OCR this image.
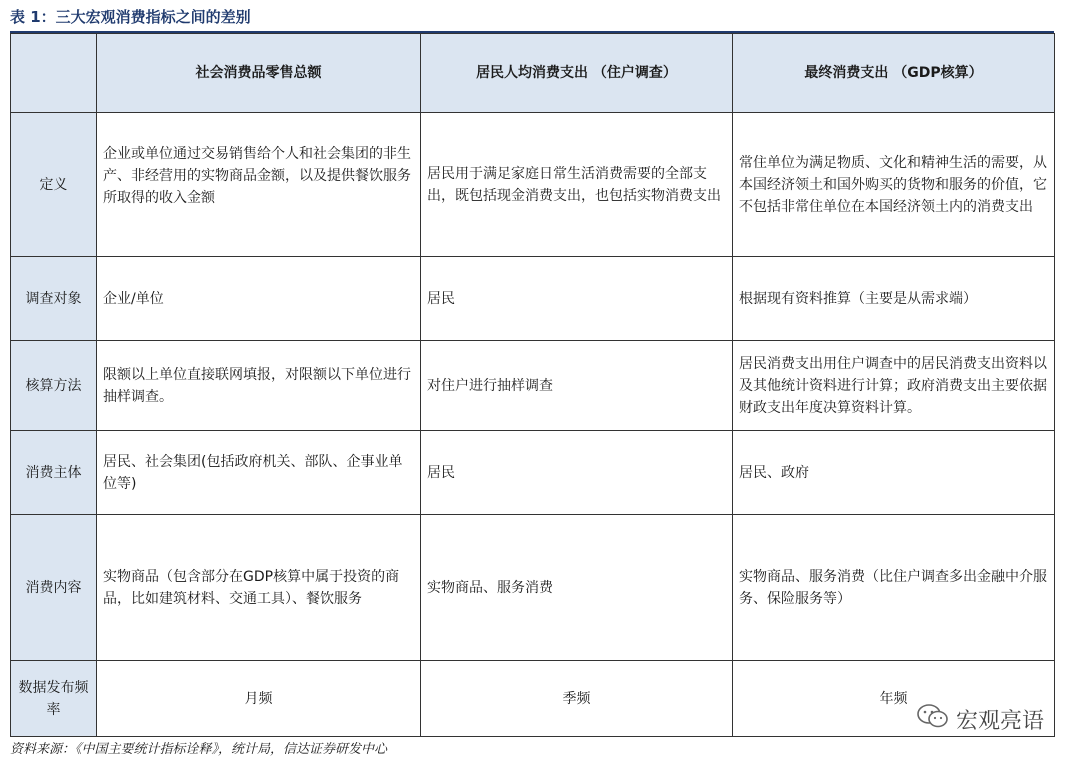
表 1：三大宏观消费指标之间的差别
	社会消费品零售总额	居民人均消费支出 （住户调查）	最终消费支出 （GDP核算）
定义	企业或单位通过交易销售给个人和社会集团的非生产、非经营用的实物商品金额，以及提供餐饮服务所取得的收入金额	居民用于满足家庭日常生活消费需要的全部支出，既包括现金消费支出，也包括实物消费支出	常住单位为满足物质、文化和精神生活的需要，从本国经济领土和国外购买的货物和服务的价值，它不包括非常住单位在本国经济领土内的消费支出
调查对象	企业/单位	居民	根据现有资料推算（主要是从需求端）
核算方法	限额以上单位直接联网填报，对限额以下单位进行抽样调查。	对住户进行抽样调查	居民消费支出用住户调查中的居民消费支出资料以及其他统计资料进行计算；政府消费支出主要依据财政支出年度决算资料计算。
消费主体	居民、社会集团(包括政府机关、部队、企事业单位等)	居民	居民、政府
消费内容	实物商品（包含部分在GDP核算中属于投资的商品，比如建筑材料、交通工具）、餐饮服务	实物商品、服务消费	实物商品、服务消费（比住户调查多出金融中介服务、保险服务等）
数据发布频率	月频	季频	年频
资料来源：《中国主要统计指标诠释》，统计局，信达证券研发中心
宏观亮语
